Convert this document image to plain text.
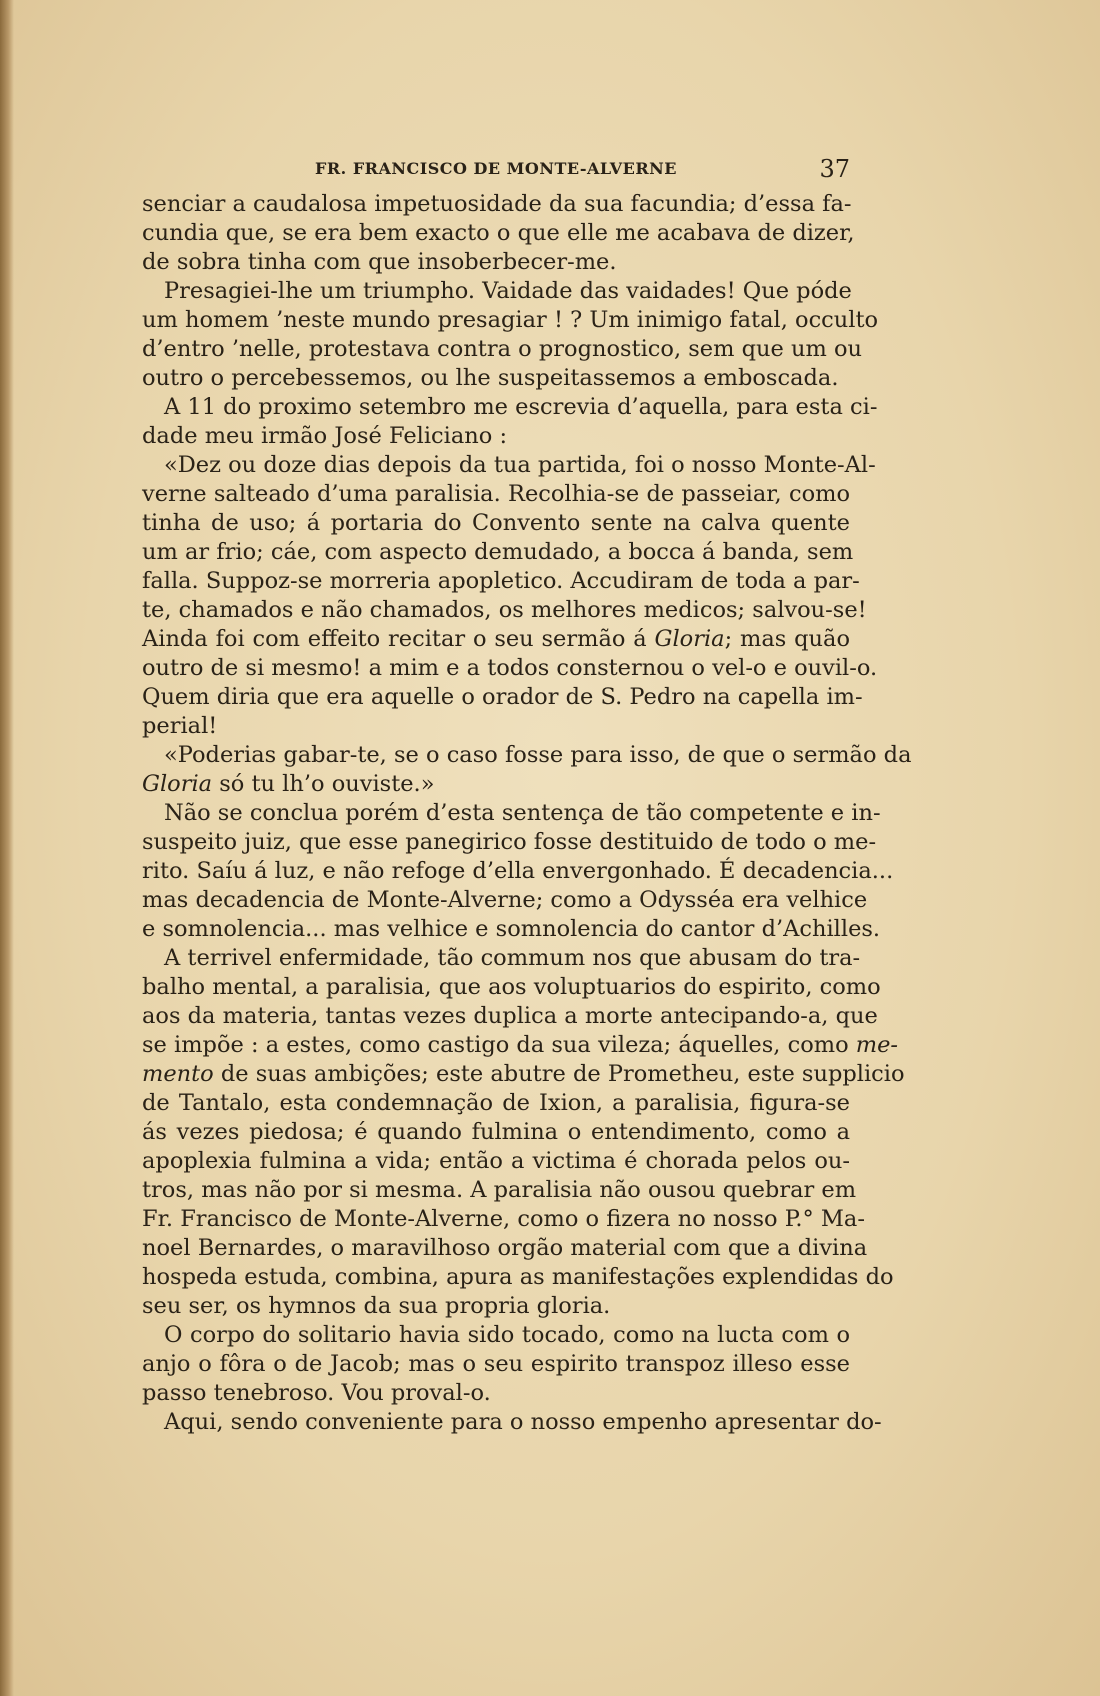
FR. FRANCISCO DE MONTE-ALVERNE	37
senciar a caudalosa impetuosidade da sua facundia; d’essa fa-
cundia que, se era bem exacto o que elle me acabava de dizer,
de sobra tinha com que insoberbecer-me.
Presagiei-lhe um triumpho. Vaidade das vaidades! Que póde
um homem ’neste mundo presagiar ! ? Um inimigo fatal, occulto
d’entro ’nelle, protestava contra o prognostico, sem que um ou
outro o percebessemos, ou lhe suspeitassemos a emboscada.
A 11 do proximo setembro me escrevia d’aquella, para esta ci-
dade meu irmão José Feliciano :
«Dez ou doze dias depois da tua partida, foi o nosso Monte-Al-
verne salteado d’uma paralisia. Recolhia-se de passeiar, como
tinha de uso; á portaria do Convento sente na calva quente
um ar frio; cáe, com aspecto demudado, a bocca á banda, sem
falla. Suppoz-se morreria apopletico. Accudiram de toda a par-
te, chamados e não chamados, os melhores medicos; salvou-se!
Ainda foi com effeito recitar o seu sermão á Gloria; mas quão
outro de si mesmo! a mim e a todos consternou o vel-o e ouvil-o.
Quem diria que era aquelle o orador de S. Pedro na capella im-
perial!
«Poderias gabar-te, se o caso fosse para isso, de que o sermão da
Gloria só tu lh’o ouviste.»
Não se conclua porém d’esta sentença de tão competente e in-
suspeito juiz, que esse panegirico fosse destituido de todo o me-
rito. Saíu á luz, e não refoge d’ella envergonhado. É decadencia...
mas decadencia de Monte-Alverne; como a Odysséa era velhice
e somnolencia... mas velhice e somnolencia do cantor d’Achilles.
A terrivel enfermidade, tão commum nos que abusam do tra-
balho mental, a paralisia, que aos voluptuarios do espirito, como
aos da materia, tantas vezes duplica a morte antecipando-a, que
se impõe : a estes, como castigo da sua vileza; áquelles, como me-
mento de suas ambições; este abutre de Prometheu, este supplicio
de Tantalo, esta condemnação de Ixion, a paralisia, figura-se
ás vezes piedosa; é quando fulmina o entendimento, como a
apoplexia fulmina a vida; então a victima é chorada pelos ou-
tros, mas não por si mesma. A paralisia não ousou quebrar em
Fr. Francisco de Monte-Alverne, como o fizera no nosso P.° Ma-
noel Bernardes, o maravilhoso orgão material com que a divina
hospeda estuda, combina, apura as manifestações explendidas do
seu ser, os hymnos da sua propria gloria.
O corpo do solitario havia sido tocado, como na lucta com o
anjo o fôra o de Jacob; mas o seu espirito transpoz illeso esse
passo tenebroso. Vou proval-o.
Aqui, sendo conveniente para o nosso empenho apresentar do-
